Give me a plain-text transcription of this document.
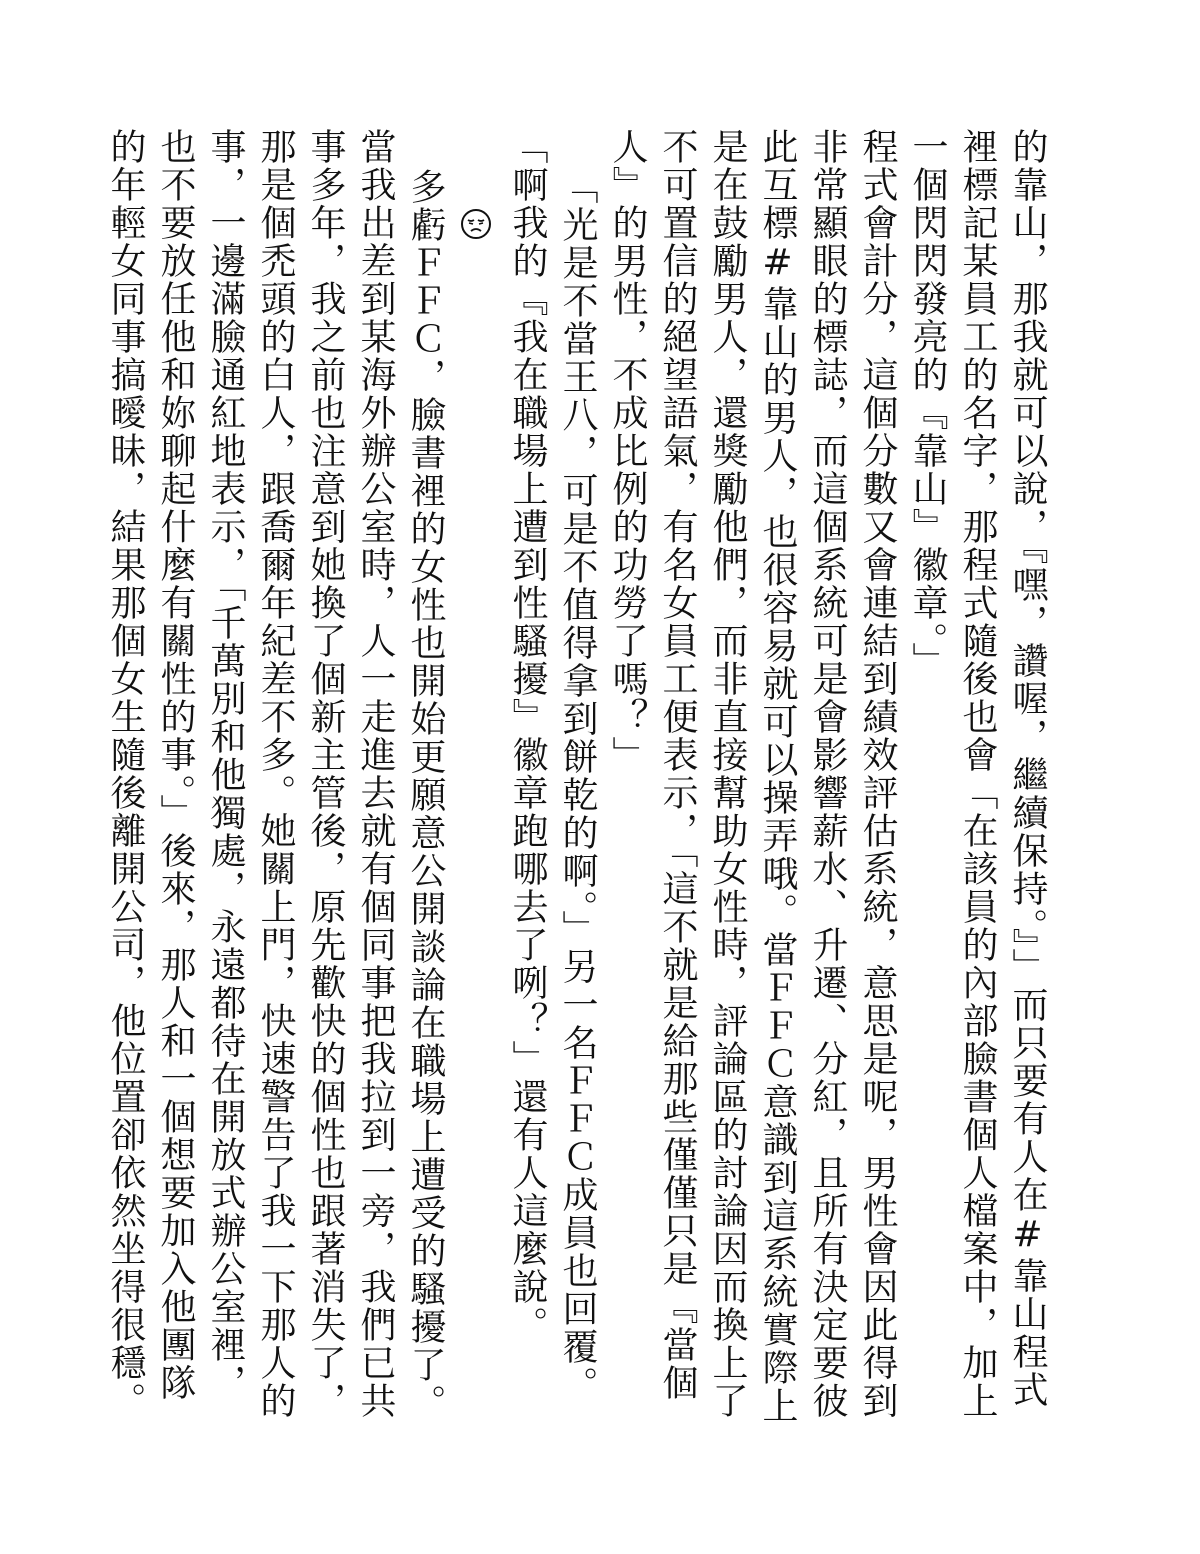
的靠山，那我就可以說，『嘿，讚喔，繼續保持。』」而只要有人在#靠山程式裡標記某員工的名字，那程式隨後也會「在該員的內部臉書個人檔案中，加上一個閃閃發亮的『靠山』徽章。」

程式會計分，這個分數又會連結到績效評估系統，意思是呢，男性會因此得到非常顯眼的標誌，而這個系統可是會影響薪水、升遷、分紅，且所有決定要彼此互標#靠山的男人，也很容易就可以操弄哦。當ＦＦＣ意識到這系統實際上是在鼓勵男人，還獎勵他們，而非直接幫助女性時，評論區的討論因而換上了不可置信的絕望語氣，有名女員工便表示，「這不就是給那些僅僅只是『當個人』的男性，不成比例的功勞了嗎？」

「光是不當王八，可是不值得拿到餅乾的啊。」另一名ＦＦＣ成員也回覆。

「啊我的『我在職場上遭到性騷擾』徽章跑哪去了咧？」還有人這麼說。

多虧ＦＦＣ，臉書裡的女性也開始更願意公開談論在職場上遭受的騷擾了。當我出差到某海外辦公室時，人一走進去就有個同事把我拉到一旁，我們已共事多年，我之前也注意到她換了個新主管後，原先歡快的個性也跟著消失了，那是個禿頭的白人，跟喬爾年紀差不多。她關上門，快速警告了我一下那人的事，一邊滿臉通紅地表示，「千萬別和他獨處，永遠都待在開放式辦公室裡，也不要放任他和妳聊起什麼有關性的事。」後來，那人和一個想要加入他團隊的年輕女同事搞曖昧，結果那個女生隨後離開公司，他位置卻依然坐得很穩。
